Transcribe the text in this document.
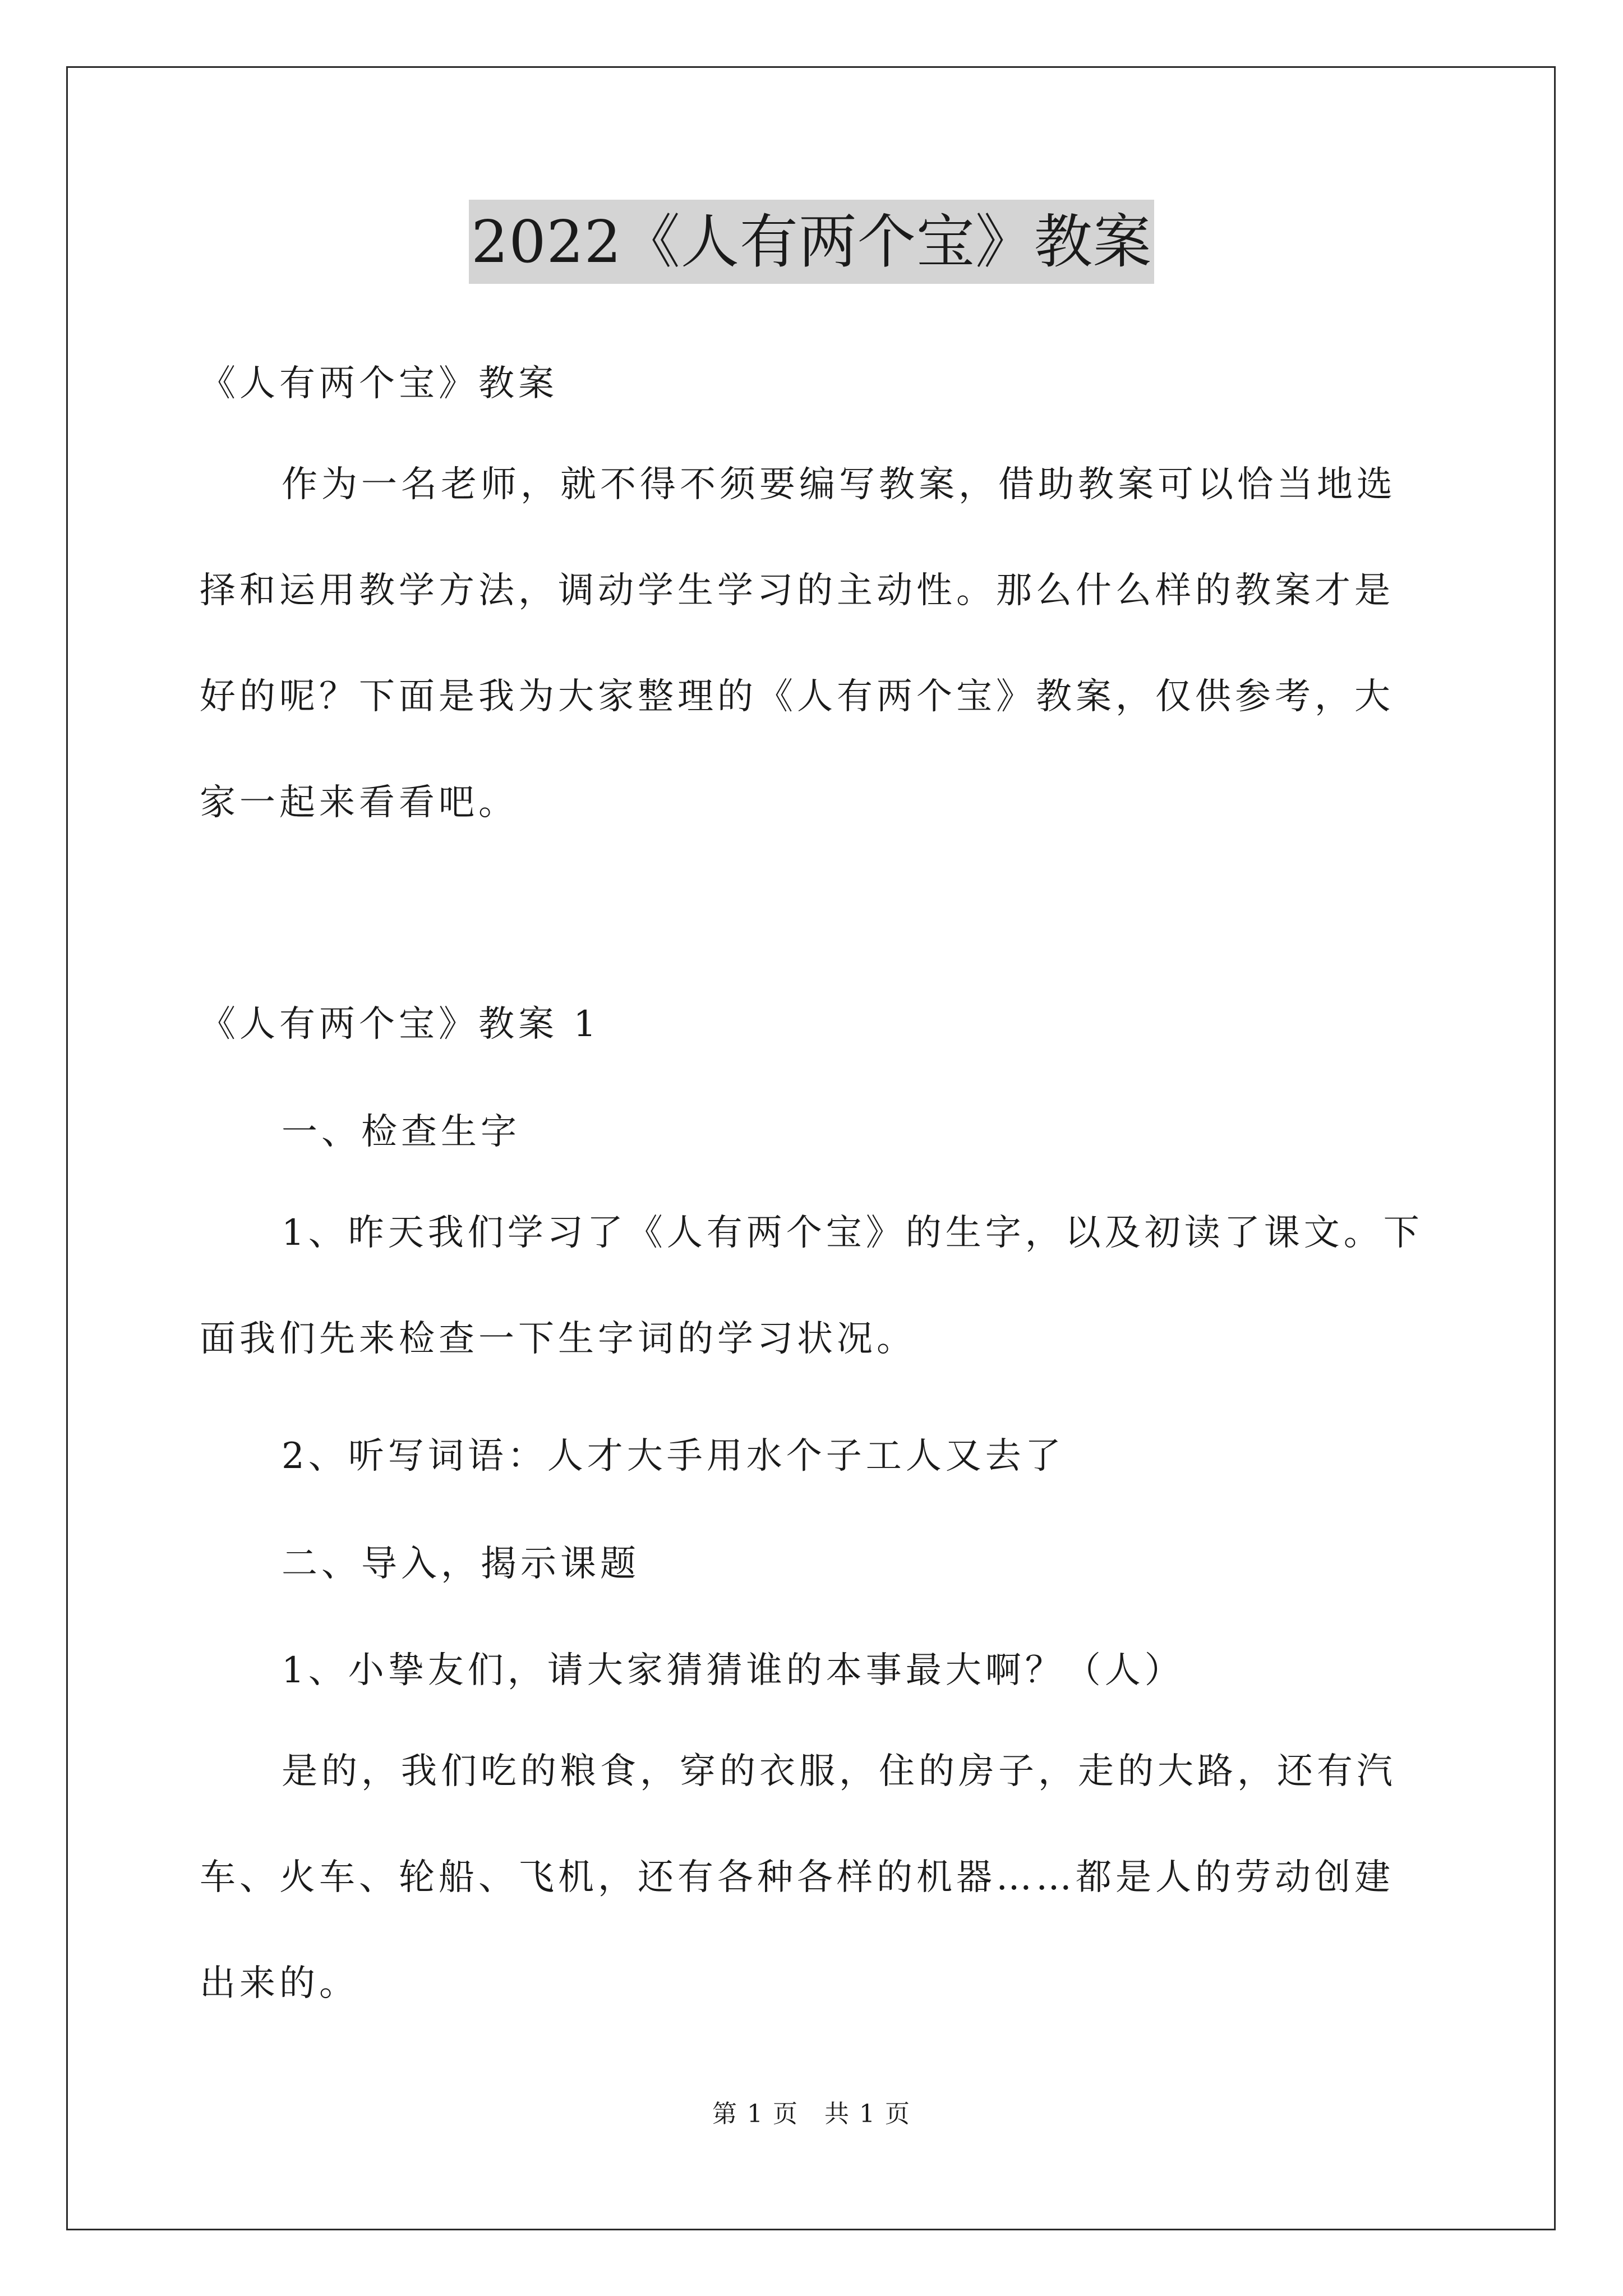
2022《人有两个宝》教案

《人有两个宝》教案

作为一名老师，就不得不须要编写教案，借助教案可以恰当地选择和运用教学方法，调动学生学习的主动性。那么什么样的教案才是好的呢？下面是我为大家整理的《人有两个宝》教案，仅供参考，大家一起来看看吧。

《人有两个宝》教案 1

一、检查生字

1、昨天我们学习了《人有两个宝》的生字，以及初读了课文。下面我们先来检查一下生字词的学习状况。

2、听写词语：人才大手用水个子工人又去了

二、导入，揭示课题

1、小挚友们，请大家猜猜谁的本事最大啊？（人）

是的，我们吃的粮食，穿的衣服，住的房子，走的大路，还有汽车、火车、轮船、飞机，还有各种各样的机器……都是人的劳动创建出来的。

第 1 页　共 1 页
